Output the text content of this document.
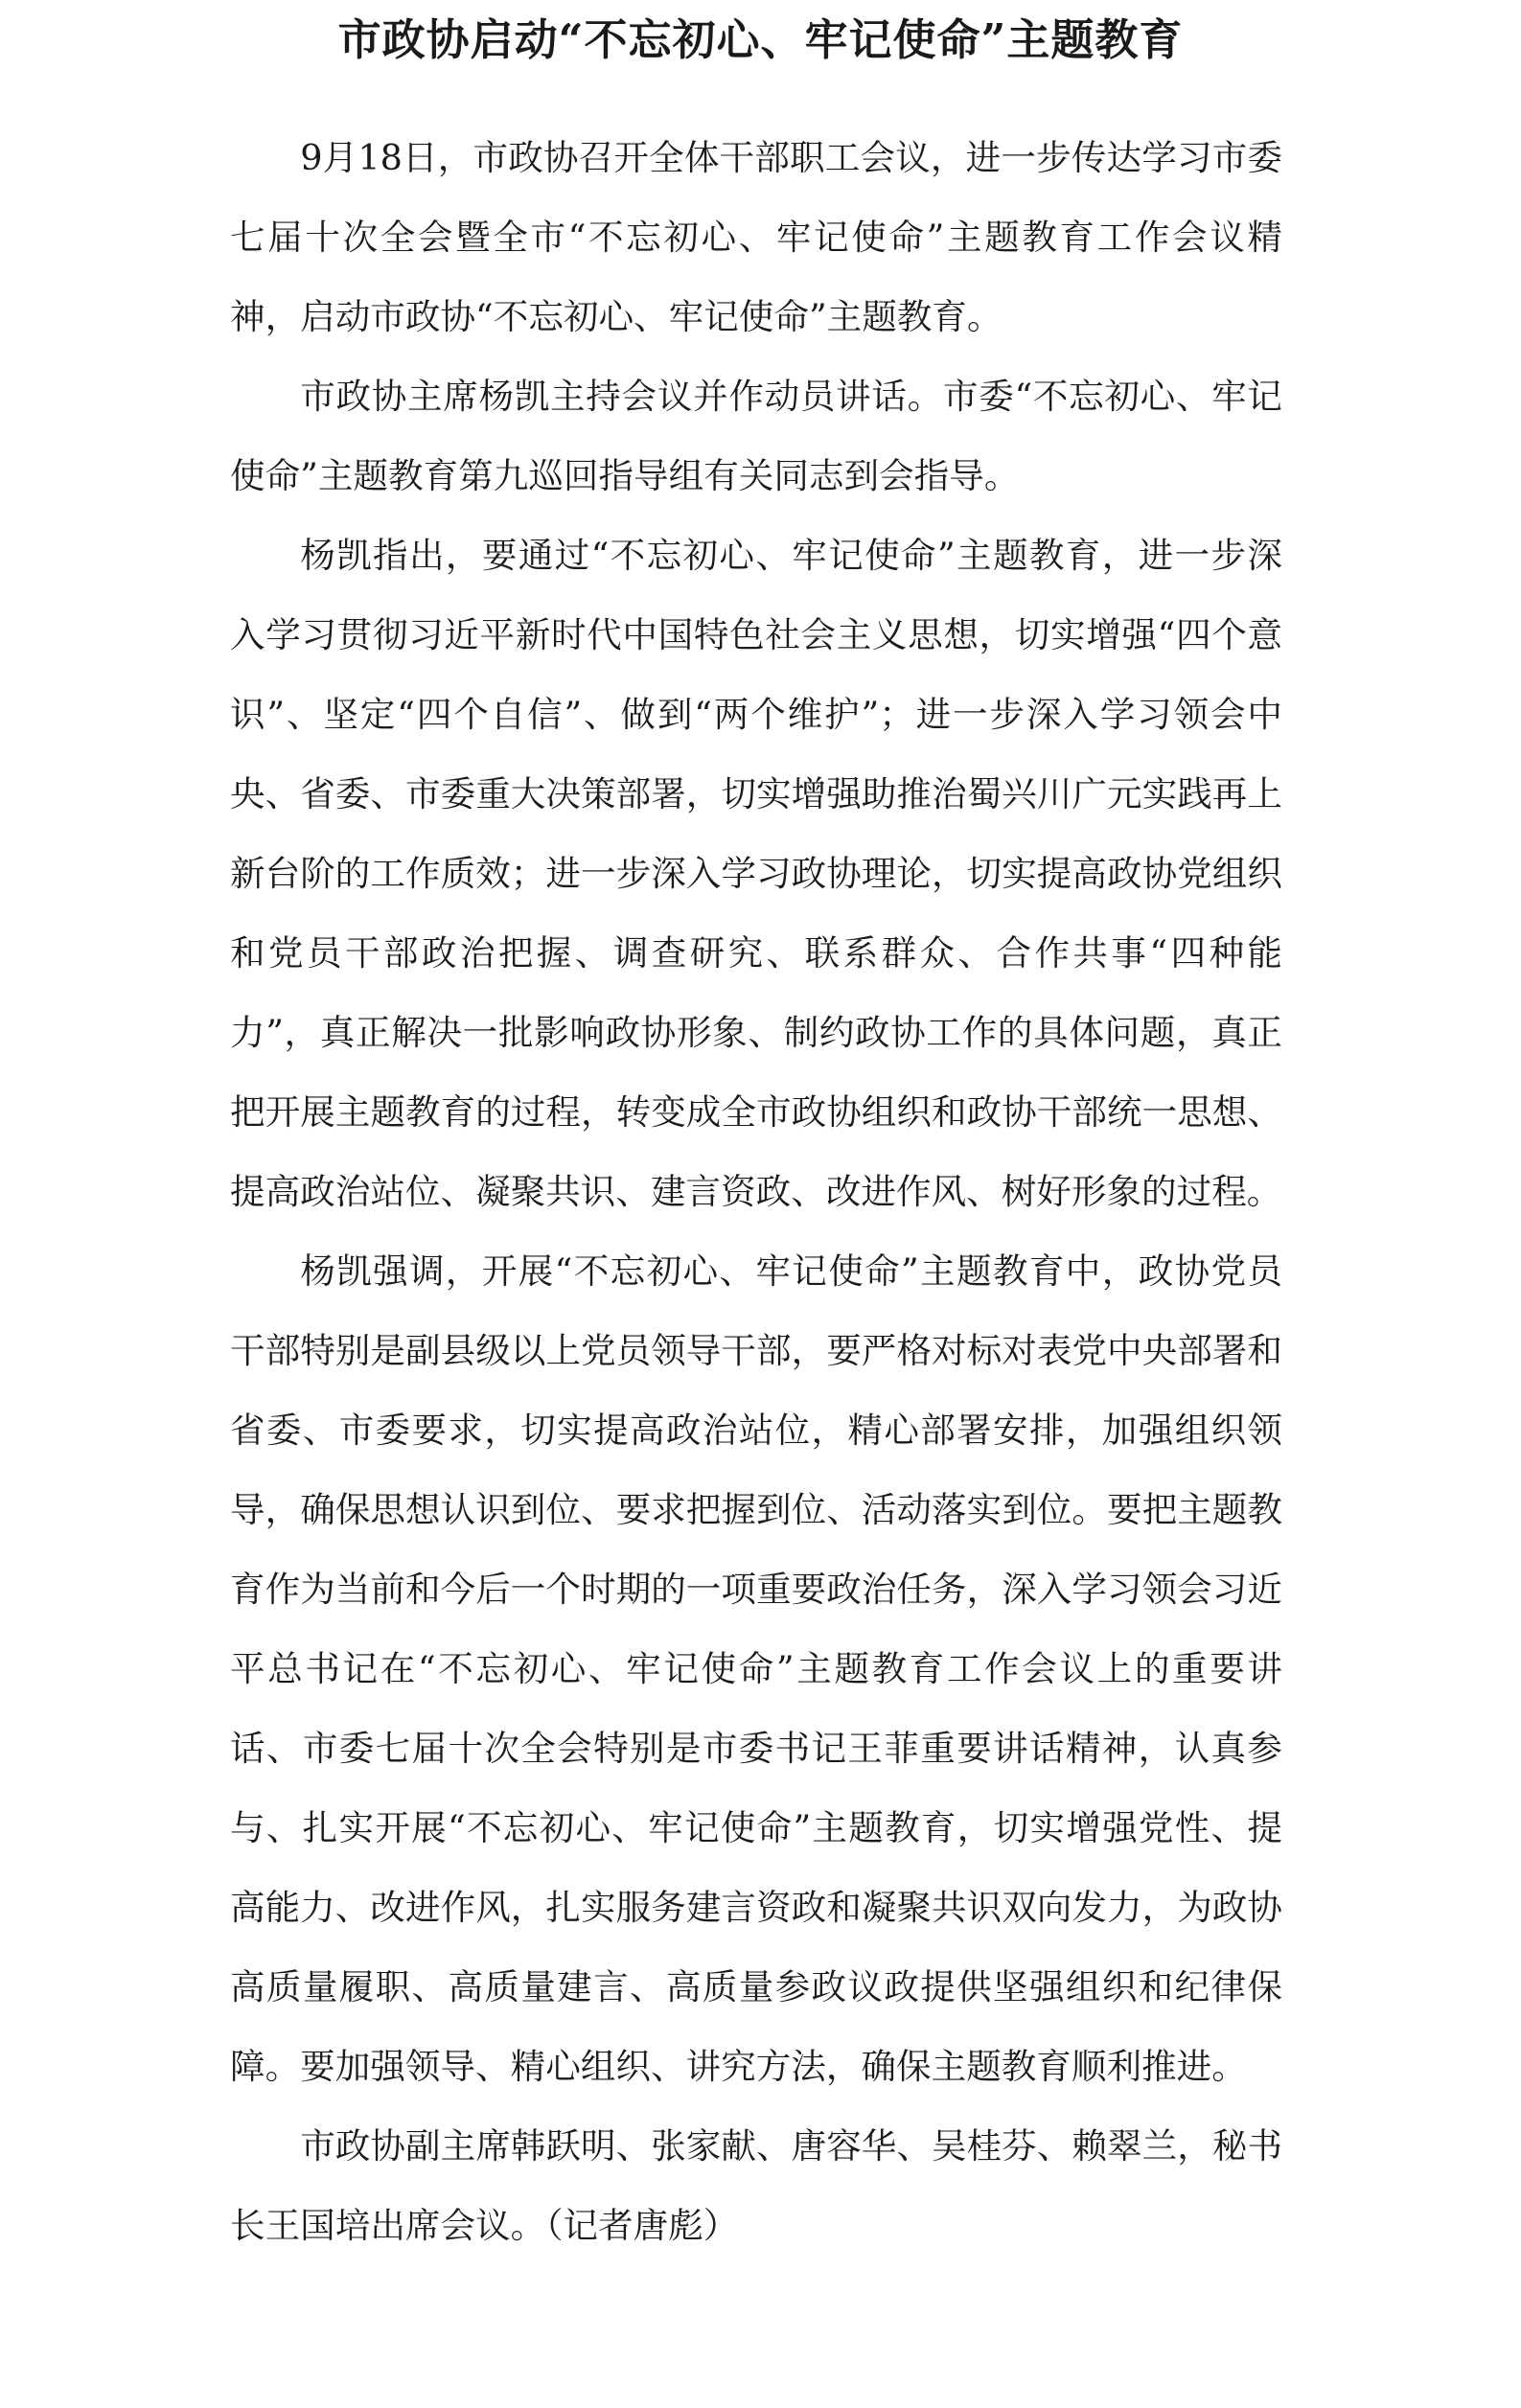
市政协启动“不忘初心、牢记使命”主题教育

9月18日，市政协召开全体干部职工会议，进一步传达学习市委七届十次全会暨全市“不忘初心、牢记使命”主题教育工作会议精神，启动市政协“不忘初心、牢记使命”主题教育。

市政协主席杨凯主持会议并作动员讲话。市委“不忘初心、牢记使命”主题教育第九巡回指导组有关同志到会指导。

杨凯指出，要通过“不忘初心、牢记使命”主题教育，进一步深入学习贯彻习近平新时代中国特色社会主义思想，切实增强“四个意识”、坚定“四个自信”、做到“两个维护”；进一步深入学习领会中央、省委、市委重大决策部署，切实增强助推治蜀兴川广元实践再上新台阶的工作质效；进一步深入学习政协理论，切实提高政协党组织和党员干部政治把握、调查研究、联系群众、合作共事“四种能力”，真正解决一批影响政协形象、制约政协工作的具体问题，真正把开展主题教育的过程，转变成全市政协组织和政协干部统一思想、提高政治站位、凝聚共识、建言资政、改进作风、树好形象的过程。

杨凯强调，开展“不忘初心、牢记使命”主题教育中，政协党员干部特别是副县级以上党员领导干部，要严格对标对表党中央部署和省委、市委要求，切实提高政治站位，精心部署安排，加强组织领导，确保思想认识到位、要求把握到位、活动落实到位。要把主题教育作为当前和今后一个时期的一项重要政治任务，深入学习领会习近平总书记在“不忘初心、牢记使命”主题教育工作会议上的重要讲话、市委七届十次全会特别是市委书记王菲重要讲话精神，认真参与、扎实开展“不忘初心、牢记使命”主题教育，切实增强党性、提高能力、改进作风，扎实服务建言资政和凝聚共识双向发力，为政协高质量履职、高质量建言、高质量参政议政提供坚强组织和纪律保障。要加强领导、精心组织、讲究方法，确保主题教育顺利推进。

市政协副主席韩跃明、张家献、唐容华、吴桂芬、赖翠兰，秘书长王国培出席会议。（记者唐彪）
